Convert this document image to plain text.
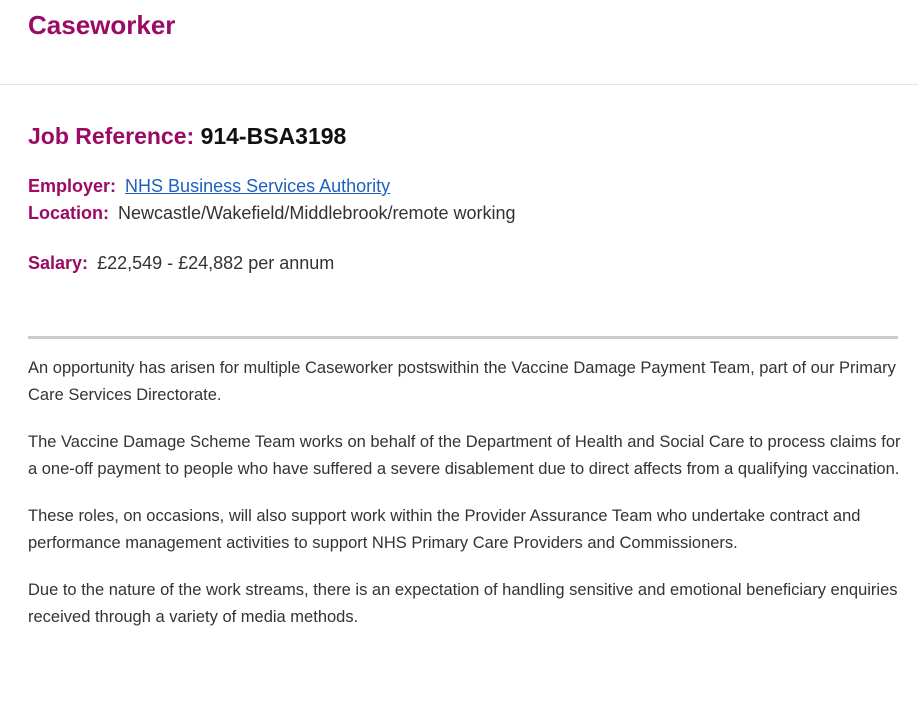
Caseworker
Job Reference: 914-BSA3198
Employer: NHS Business Services Authority
Location: Newcastle/Wakefield/Middlebrook/remote working
Salary: £22,549 - £24,882 per annum

An opportunity has arisen for multiple Caseworker postswithin the Vaccine Damage Payment Team, part of our Primary Care Services Directorate.

The Vaccine Damage Scheme Team works on behalf of the Department of Health and Social Care to process claims for a one-off payment to people who have suffered a severe disablement due to direct affects from a qualifying vaccination.

These roles, on occasions, will also support work within the Provider Assurance Team who undertake contract and performance management activities to support NHS Primary Care Providers and Commissioners.

Due to the nature of the work streams, there is an expectation of handling sensitive and emotional beneficiary enquiries received through a variety of media methods.
